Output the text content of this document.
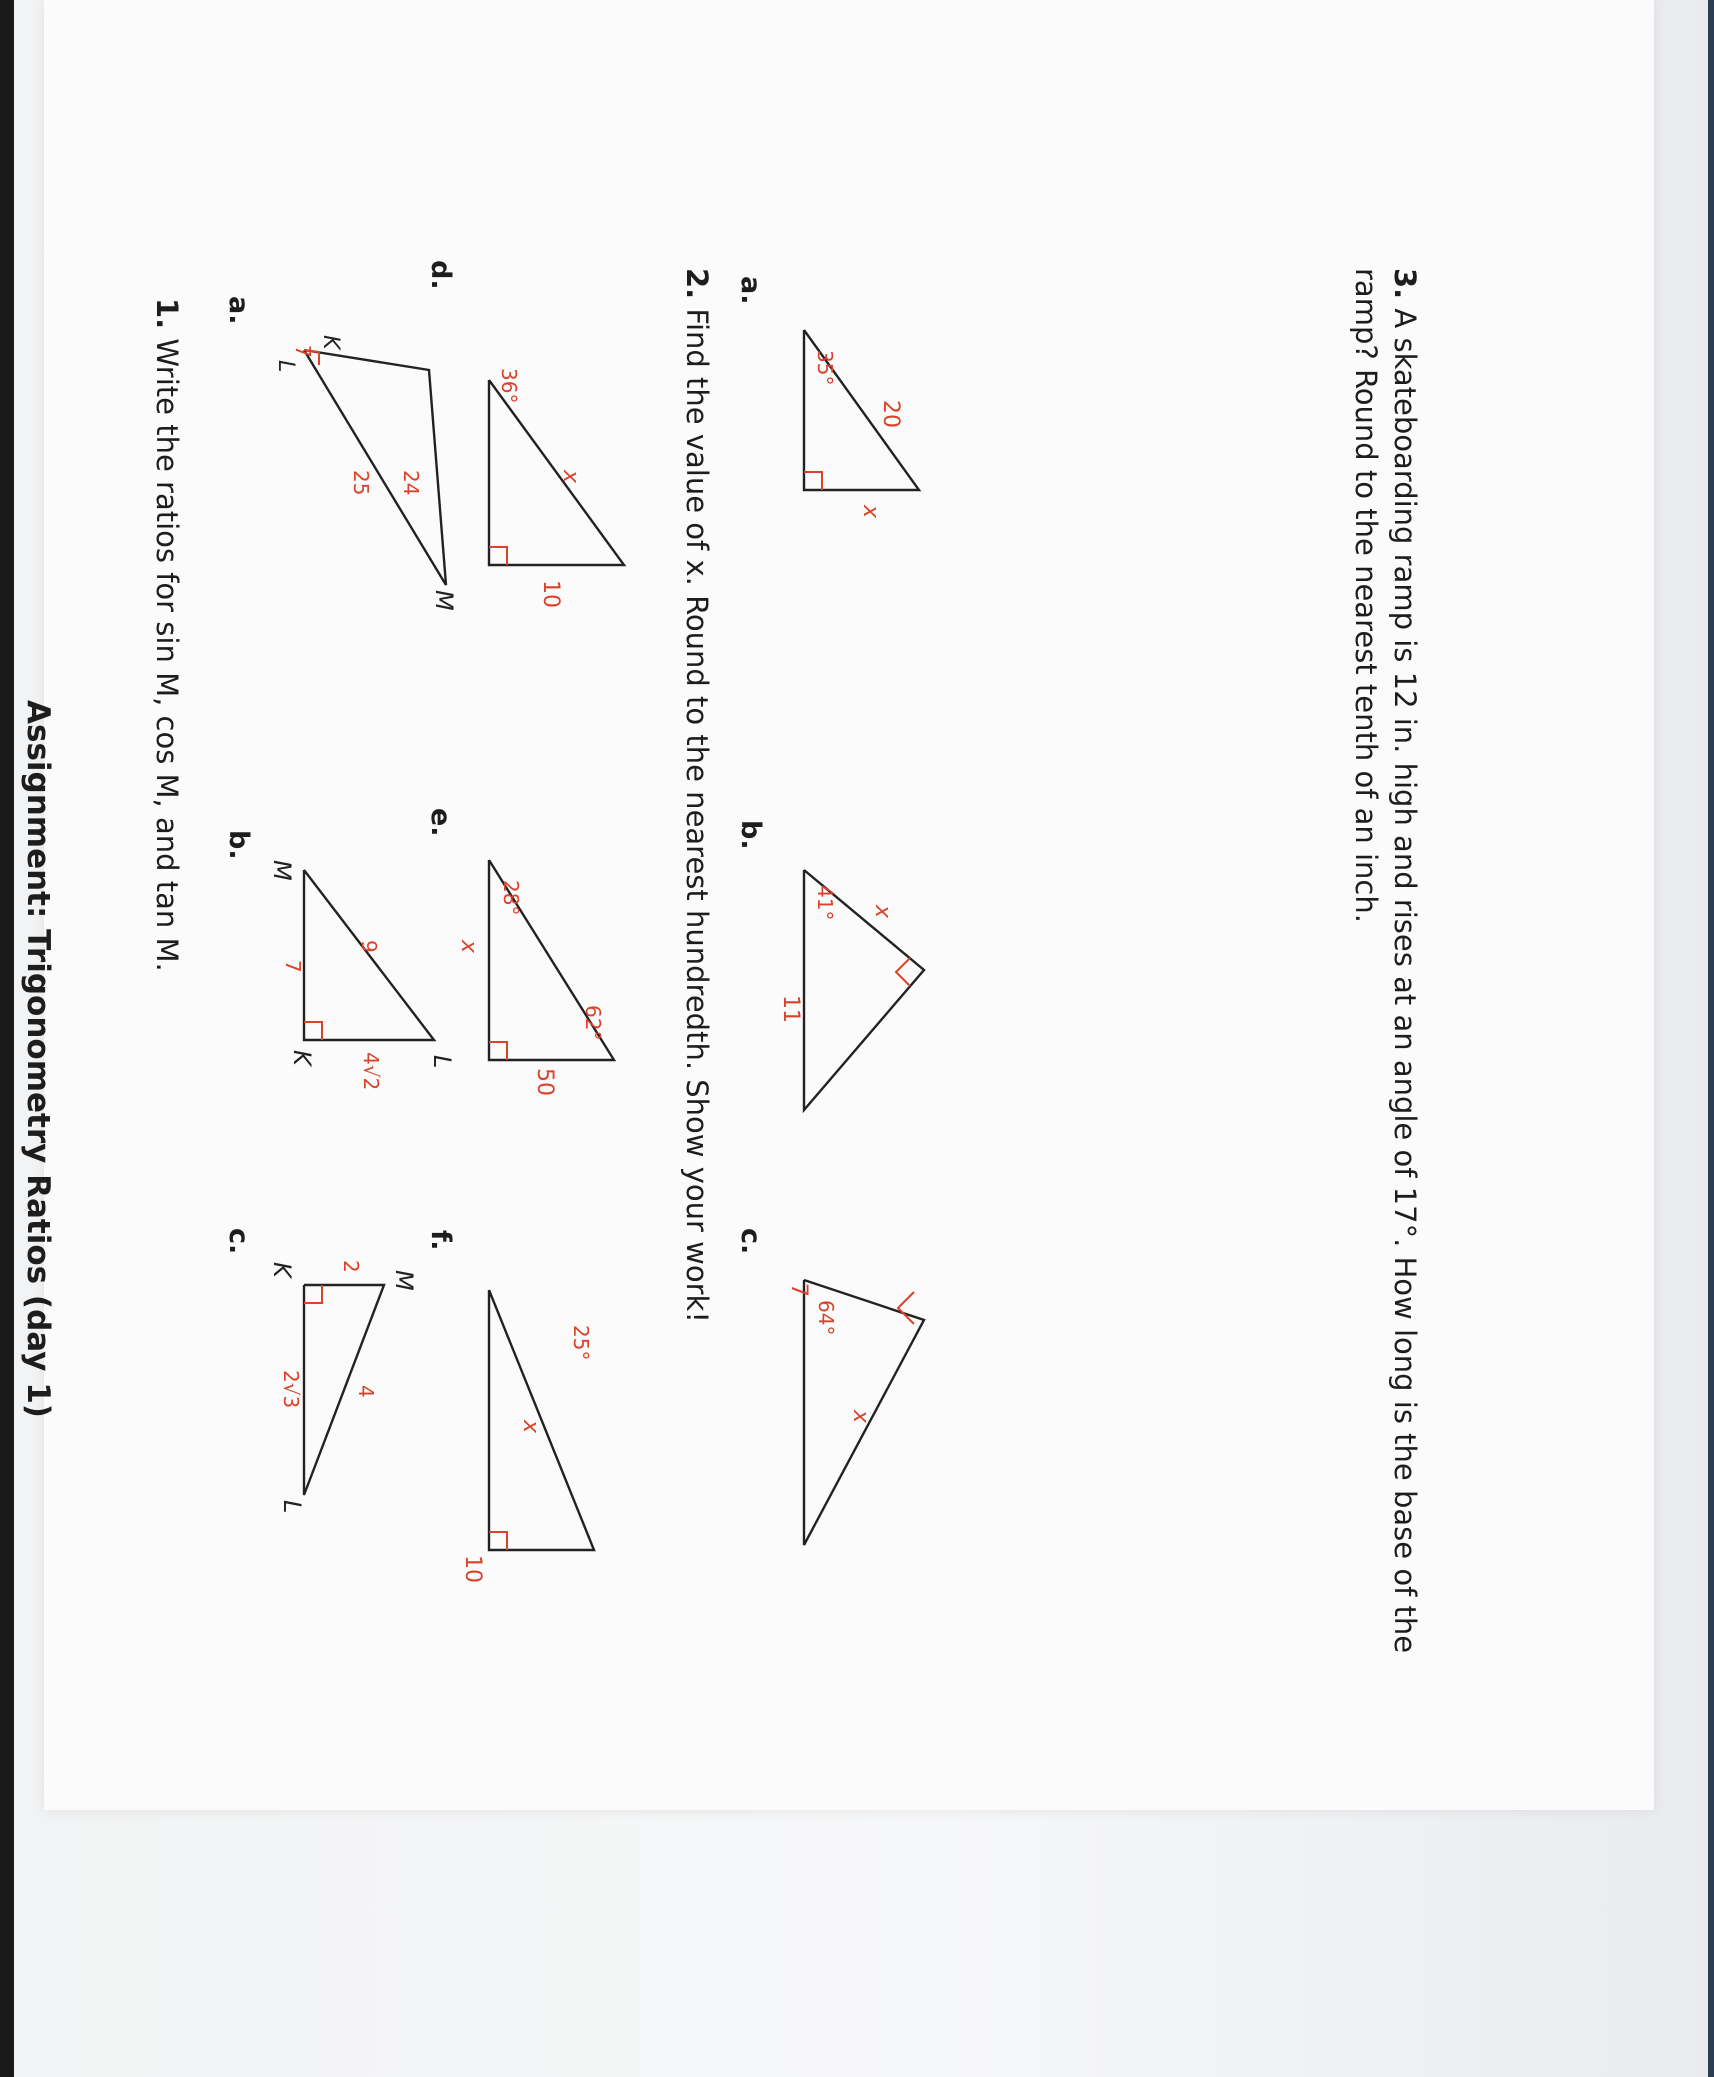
Assignment: Trigonometry Ratios (day 1)
1. Write the ratios for sin M, cos M, and tan M.
2. Find the value of x. Round to the nearest hundredth. Show your work!
3. A skateboarding ramp is 12 in. high and rises at an angle of 17°. How long is the base of the ramp? Round to the nearest tenth of an inch.
a.
b.
c.
a.
b.
c.
d.
e.
f.
L
M
K
25 24
7
M
K	L
7
9
4√2
K
L
M
2√3
2
4
20
x
35°
x
41°
11
7
64°
x
x
36°
10
28°
x
62°
50
x
25°
10
